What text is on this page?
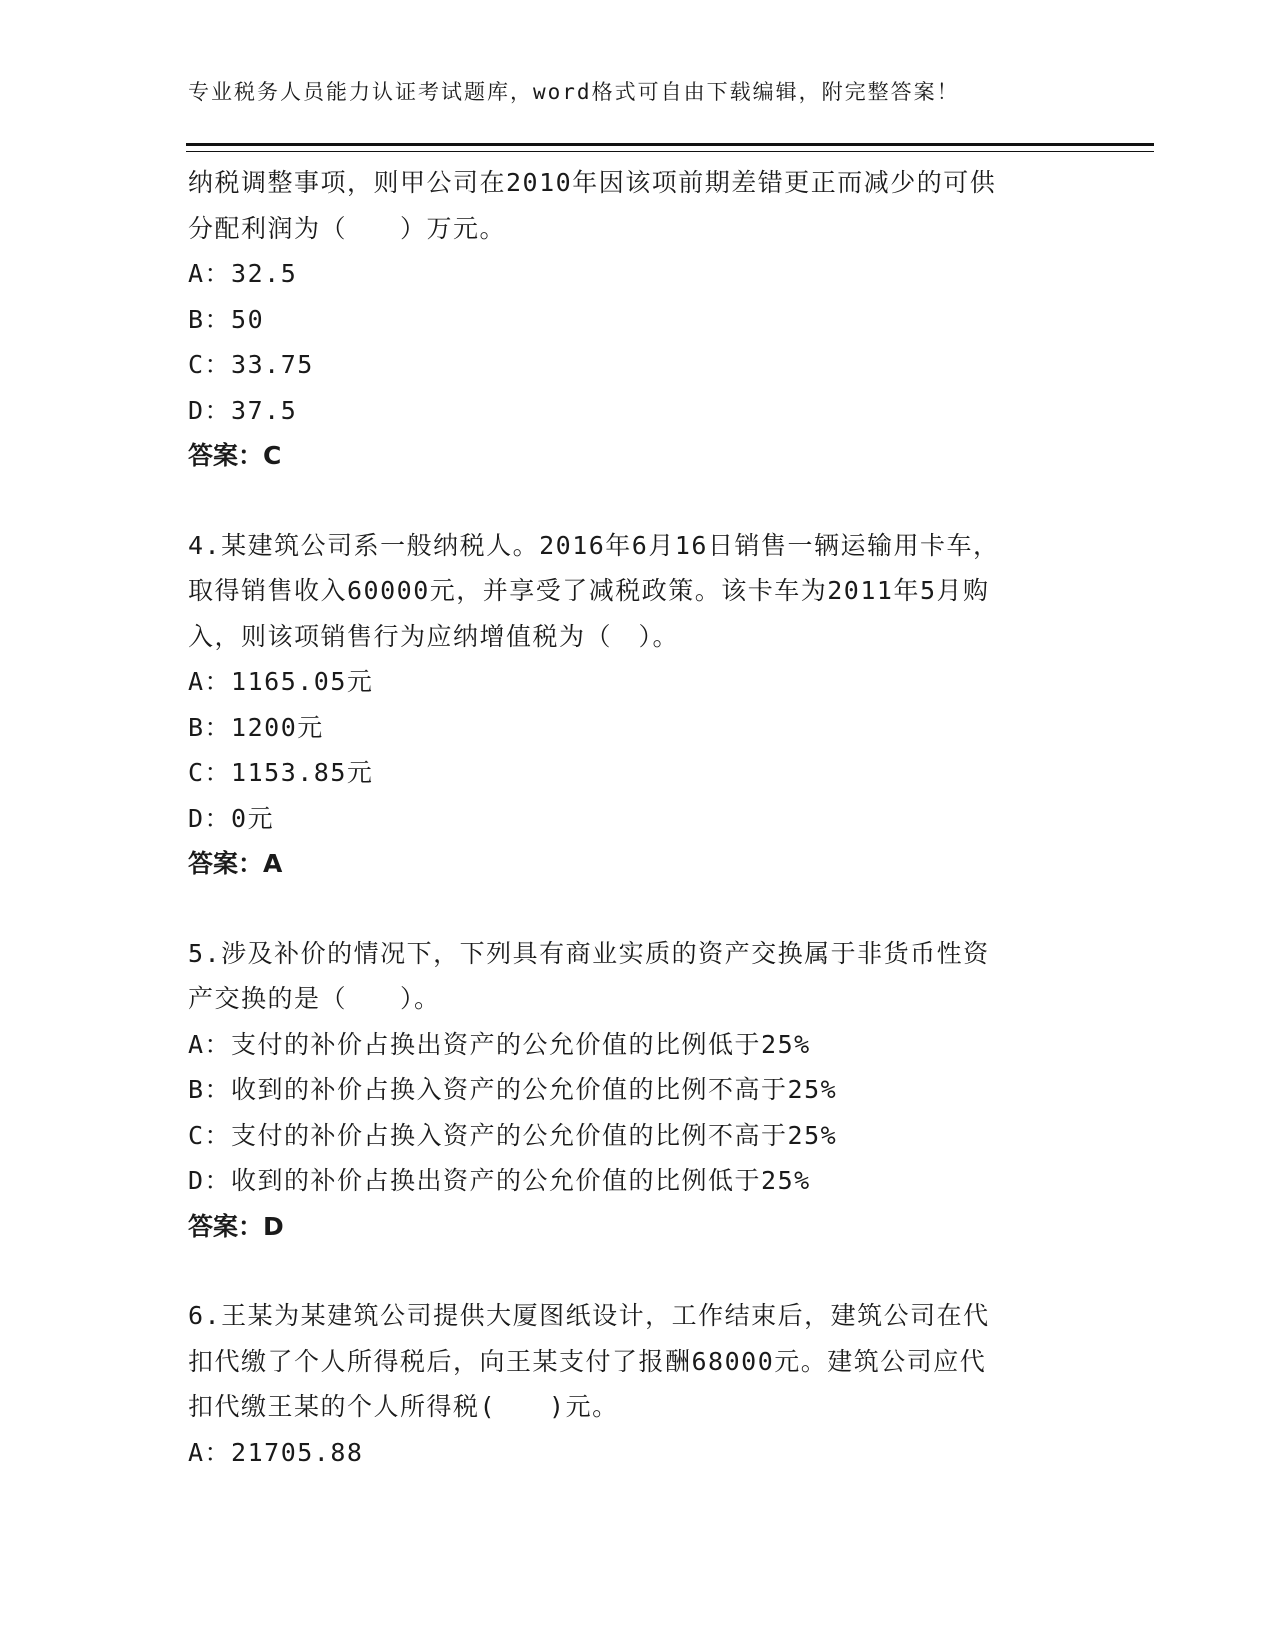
专业税务人员能力认证考试题库，word格式可自由下载编辑，附完整答案！
纳税调整事项，则甲公司在2010年因该项前期差错更正而减少的可供
分配利润为（　　）万元。
A：32.5
B：50
C：33.75
D：37.5
答案：C
4.某建筑公司系一般纳税人。2016年6月16日销售一辆运输用卡车，
取得销售收入60000元，并享受了减税政策。该卡车为2011年5月购
入，则该项销售行为应纳增值税为（　）。
A：1165.05元
B：1200元
C：1153.85元
D：0元
答案：A
5.涉及补价的情况下，下列具有商业实质的资产交换属于非货币性资
产交换的是（　　）。
A：支付的补价占换出资产的公允价值的比例低于25%
B：收到的补价占换入资产的公允价值的比例不高于25%
C：支付的补价占换入资产的公允价值的比例不高于25%
D：收到的补价占换出资产的公允价值的比例低于25%
答案：D
6.王某为某建筑公司提供大厦图纸设计，工作结束后，建筑公司在代
扣代缴了个人所得税后，向王某支付了报酬68000元。建筑公司应代
扣代缴王某的个人所得税(　　)元。
A：21705.88
